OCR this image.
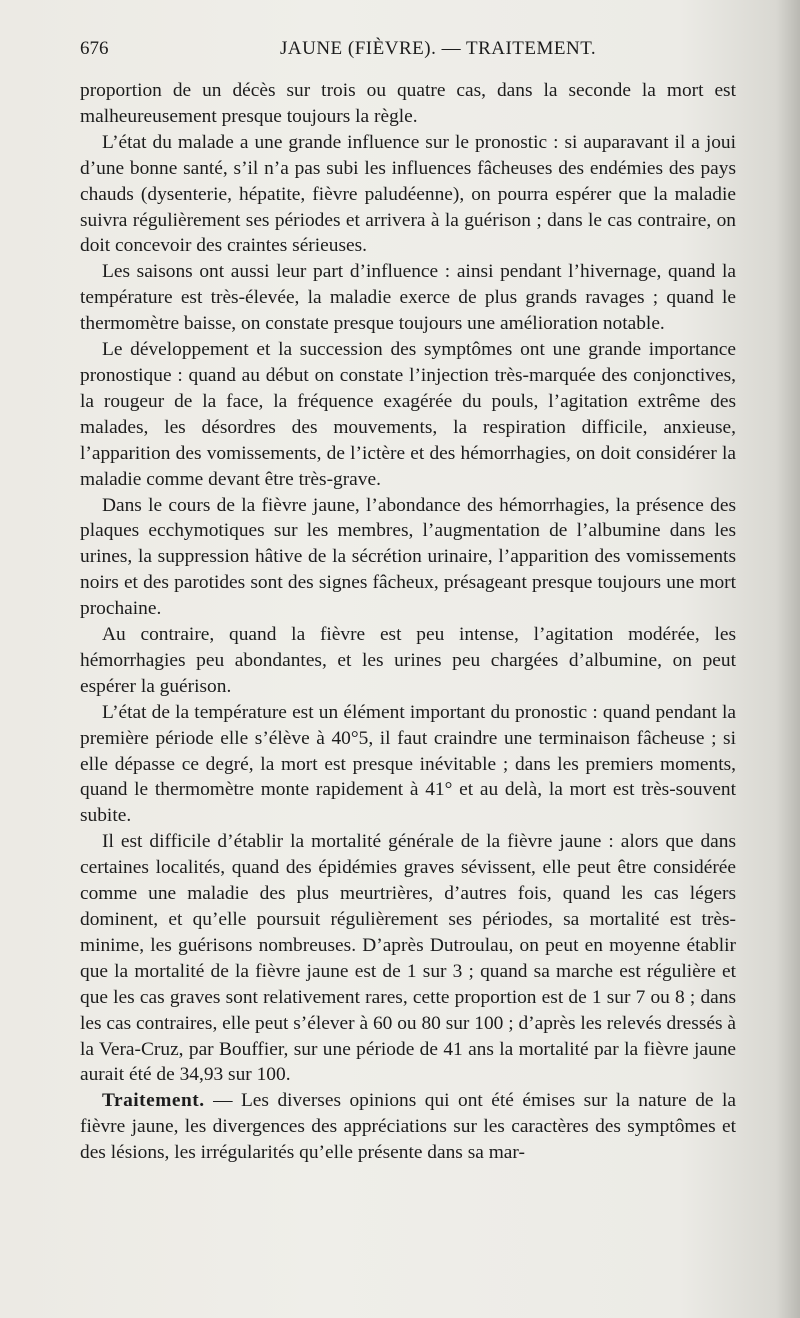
676	JAUNE (FIÈVRE). — TRAITEMENT.

proportion de un décès sur trois ou quatre cas, dans la seconde la mort est malheureusement presque toujours la règle.

L’état du malade a une grande influence sur le pronostic : si auparavant il a joui d’une bonne santé, s’il n’a pas subi les influences fâcheuses des endémies des pays chauds (dysenterie, hépatite, fièvre paludéenne), on pourra espérer que la maladie suivra régulièrement ses périodes et arrivera à la guérison ; dans le cas contraire, on doit concevoir des craintes sérieuses.

Les saisons ont aussi leur part d’influence : ainsi pendant l’hivernage, quand la température est très-élevée, la maladie exerce de plus grands ravages ; quand le thermomètre baisse, on constate presque toujours une amélioration notable.

Le développement et la succession des symptômes ont une grande importance pronostique : quand au début on constate l’injection très-marquée des conjonctives, la rougeur de la face, la fréquence exagérée du pouls, l’agitation extrême des malades, les désordres des mouvements, la respiration difficile, anxieuse, l’apparition des vomissements, de l’ictère et des hémorrhagies, on doit considérer la maladie comme devant être très-grave.

Dans le cours de la fièvre jaune, l’abondance des hémorrhagies, la présence des plaques ecchymotiques sur les membres, l’augmentation de l’albumine dans les urines, la suppression hâtive de la sécrétion urinaire, l’apparition des vomissements noirs et des parotides sont des signes fâcheux, présageant presque toujours une mort prochaine.

Au contraire, quand la fièvre est peu intense, l’agitation modérée, les hémorrhagies peu abondantes, et les urines peu chargées d’albumine, on peut espérer la guérison.

L’état de la température est un élément important du pronostic : quand pendant la première période elle s’élève à 40°5, il faut craindre une terminaison fâcheuse ; si elle dépasse ce degré, la mort est presque inévitable ; dans les premiers moments, quand le thermomètre monte rapidement à 41° et au delà, la mort est très-souvent subite.

Il est difficile d’établir la mortalité générale de la fièvre jaune : alors que dans certaines localités, quand des épidémies graves sévissent, elle peut être considérée comme une maladie des plus meurtrières, d’autres fois, quand les cas légers dominent, et qu’elle poursuit régulièrement ses périodes, sa mortalité est très-minime, les guérisons nombreuses. D’après Dutroulau, on peut en moyenne établir que la mortalité de la fièvre jaune est de 1 sur 3 ; quand sa marche est régulière et que les cas graves sont relativement rares, cette proportion est de 1 sur 7 ou 8 ; dans les cas contraires, elle peut s’élever à 60 ou 80 sur 100 ; d’après les relevés dressés à la Vera-Cruz, par Bouffier, sur une période de 41 ans la mortalité par la fièvre jaune aurait été de 34,93 sur 100.

Traitement. — Les diverses opinions qui ont été émises sur la nature de la fièvre jaune, les divergences des appréciations sur les caractères des symptômes et des lésions, les irrégularités qu’elle présente dans sa mar-
